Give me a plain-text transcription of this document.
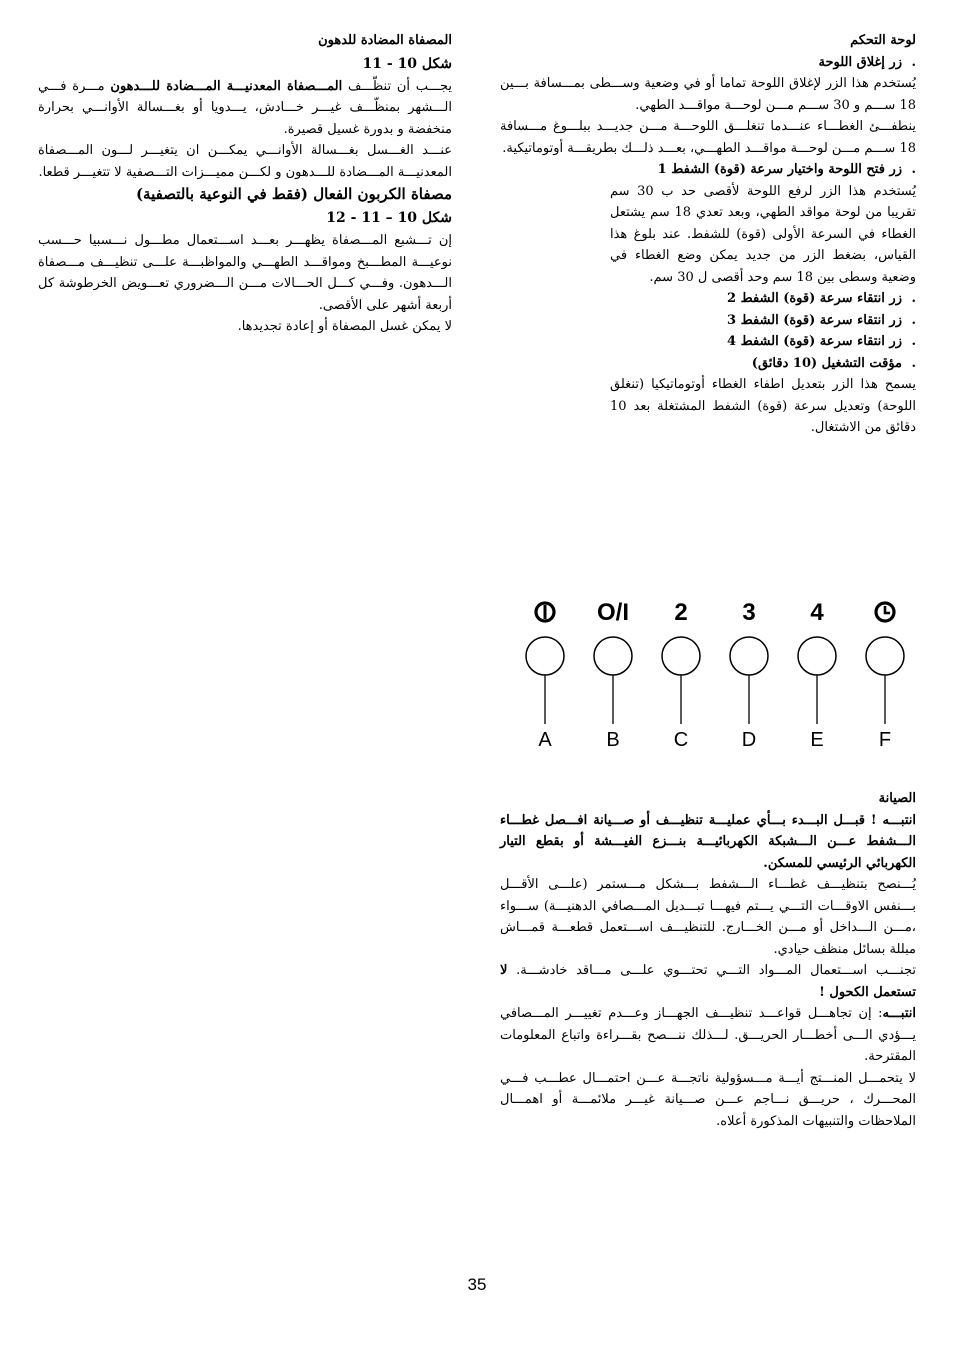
المصفاة المضادة للدهون

شكل 10 - 11

يجـــب أن تنظّـــف المـــصفاة المعدنيـــة المـــضادة للـــدهون مـــرة فـــي الـــشهر بمنظّـــف غيـــر خـــادش، يـــدويا أو بغـــسالة الأوانـــي بحرارة منخفضة و بدورة غسيل قصيرة.

عنـــد الغـــسل بغـــسالة الأوانـــي يمكـــن ان يتغيـــر لـــون المـــصفاة المعدنيـــة المـــضادة للـــدهون و لكـــن مميـــزات التـــصفية لا تتغيـــر قطعا.

مصفاة الكربون الفعال (فقط في النوعية بالتصفية)

شكل 10 – 11 - 12

إن تـــشبع المـــصفاة يظهـــر بعـــد اســـتعمال مطـــول نـــسبيا حـــسب نوعيـــة المطـــبخ ومواقـــد الطهـــي والمواظبـــة علـــى تنظيـــف مـــصفاة الـــدهون. وفـــي كـــل الحـــالات مـــن الـــضروري تعـــويض الخرطوشة كل أربعة أشهر على الأقصى.

لا يمكن غسل المصفاة أو إعادة تجديدها.

لوحة التحكم

. زر إغلاق اللوحة

يُستخدم هذا الزر لإغلاق اللوحة تماما أو في وضعية وســـطى بمـــسافة بـــين 18 ســـم و 30 ســـم مـــن لوحـــة مواقـــد الطهي.

ينطفـــئ الغطـــاء عنـــدما تنغلـــق اللوحـــة مـــن جديـــد ببلـــوغ مـــسافة 18 ســـم مـــن لوحـــة مواقـــد الطهـــي، بعـــد ذلـــك بطريقـــة أوتوماتيكية.

. زر فتح اللوحة واختيار سرعة (قوة) الشفط 1

يُستخدم هذا الزر لرفع اللوحة لأقصى حد ب 30 سم تقريبا من لوحة مواقد الطهي، وبعد تعدي 18 سم يشتعل الغطاء في السرعة الأولى (قوة) للشفط. عند بلوغ هذا القياس، بضغط الزر من جديد يمكن وضع الغطاء في وضعية وسطى بين 18 سم وحد أقصى ل 30 سم.

. زر انتقاء سرعة (قوة) الشفط 2

. زر انتقاء سرعة (قوة) الشفط 3

. زر انتقاء سرعة (قوة) الشفط 4

. مؤقت التشغيل (10 دقائق)

يسمح هذا الزر بتعديل اطفاء الغطاء أوتوماتيكيا (تنغلق اللوحة) وتعديل سرعة (قوة) الشفط المشتغلة بعد 10 دقائق من الاشتغال.

A
O/I
B
2
C
3
D
4
E	F

الصيانة

انتبـــه ! قبـــل البـــدء بـــأي عمليـــة تنظيـــف أو صـــيانة افـــصل غطـــاء الـــشفط عـــن الـــشبكة الكهربائيـــة بنـــزع الفيـــشة أو بقطع التيار الكهربائي الرئيسي للمسكن.

يُـــنصح بتنظيـــف غطـــاء الـــشفط بـــشكل مـــستمر (علـــى الأقـــل بـــنفس الاوقـــات التـــي يـــتم فيهـــا تبـــديل المـــصافي الدهنيـــة) ســـواء ،مـــن الـــداخل أو مـــن الخـــارج. للتنظيـــف اســـتعمل قطعـــة قمـــاش مبللة بسائل منظف حيادي.

تجنـــب اســـتعمال المـــواد التـــي تحتـــوي علـــى مـــاقد خادشـــة. لا تستعمل الكحول !

انتبـــه: إن تجاهـــل قواعـــد تنظيـــف الجهـــاز وعـــدم تغييـــر المـــصافي يـــؤدي الـــى أخطـــار الحريـــق. لـــذلك ننـــصح بقـــراءة واتباع المعلومات المقترحة.

لا يتحمـــل المنـــتج أيـــة مـــسؤولية ناتجـــة عـــن احتمـــال عطـــب فـــي المحـــرك ، حريـــق نـــاجم عـــن صـــيانة غيـــر ملائمـــة أو اهمـــال الملاحظات والتنبيهات المذكورة أعلاه.

35
